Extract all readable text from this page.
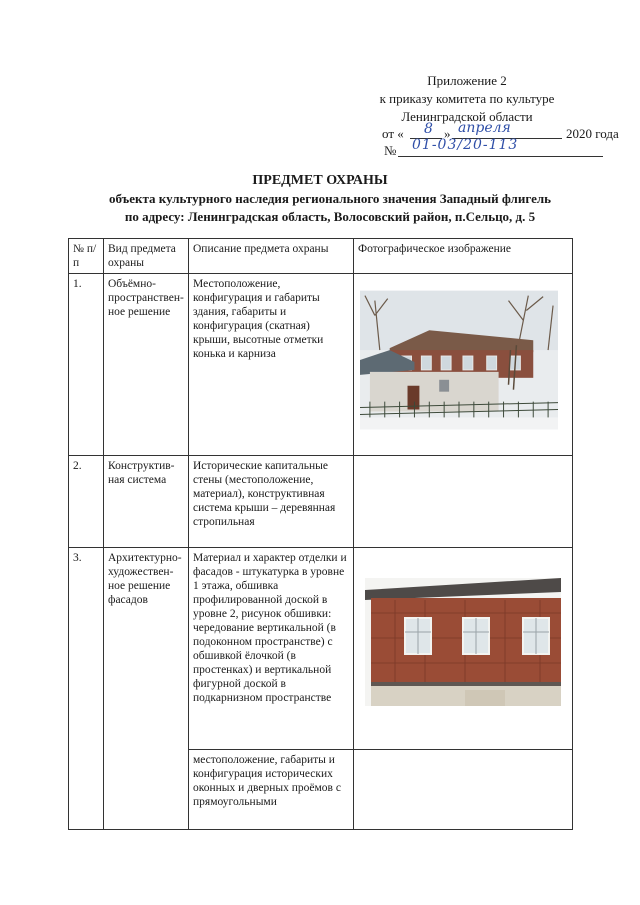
Приложение 2
к приказу комитета по культуре
Ленинградской области
от « 8 » апреля	2020 года
№ 01-03/20-113
ПРЕДМЕТ ОХРАНЫ
объекта культурного наследия регионального значения Западный флигель
по адресу: Ленинградская область, Волосовский район, п.Сельцо, д. 5
№ п/п	Вид предмета охраны	Описание предмета охраны	Фотографическое изображение
1.	Объёмно-пространствен-ное решение	Местоположение, конфигурация и габариты здания, габариты и конфигурация (скатная) крыши, высотные отметки конька и карниза	
2.	Конструктив-ная система	Исторические капитальные стены (местоположение, материал), конструктивная система крыши – деревянная стропильная	
3.	Архитектурно-художествен-ное решение фасадов	Материал и характер отделки и фасадов - штукатурка в уровне 1 этажа, обшивка профилированной доской в уровне 2, рисунок обшивки: чередование вертикальной (в подоконном пространстве) с обшивкой ёлочкой (в простенках) и вертикальной фигурной доской в подкарнизном пространстве	
		местоположение, габариты и конфигурация исторических оконных и дверных проёмов с прямоугольными	
